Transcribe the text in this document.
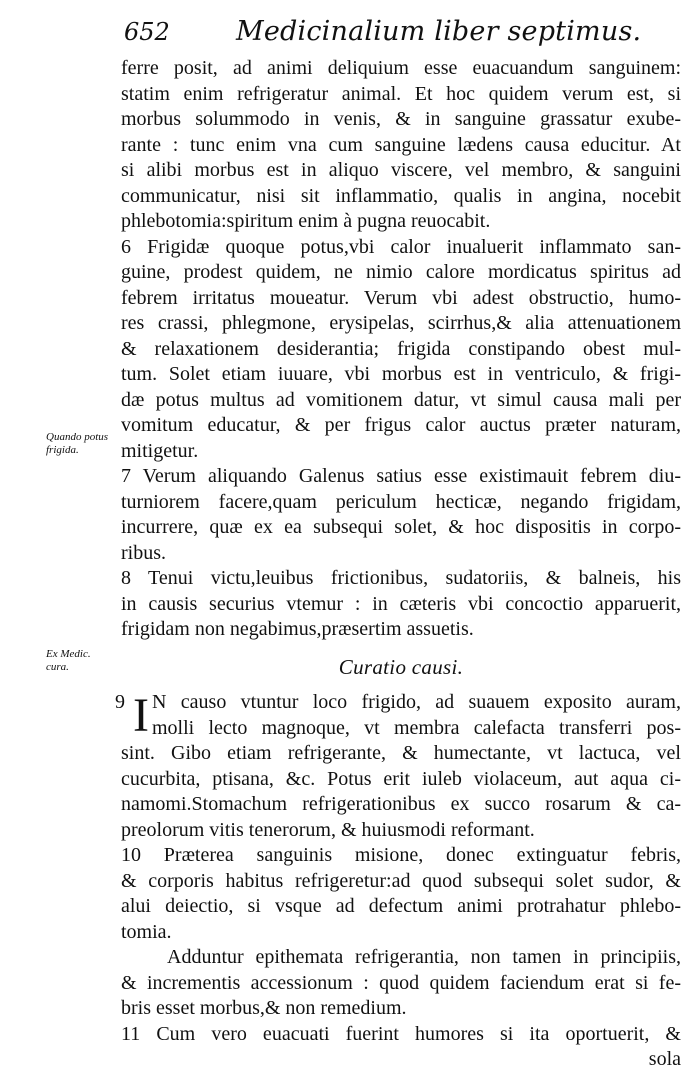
652 Medicinalium liber septimus.
Quando potus frigida.
Ex Medic. cura.
ferre posit, ad animi deliquium esse euacuandum sanguinem:
statim enim refrigeratur animal. Et hoc quidem verum est, si
morbus solummodo in venis, & in sanguine grassatur exube-
rante : tunc enim vna cum sanguine lædens causa educitur. At
si alibi morbus est in aliquo viscere, vel membro, & sanguini
communicatur, nisi sit inflammatio, qualis in angina, nocebit
phlebotomia:spiritum enim à pugna reuocabit.
6 Frigidæ quoque potus,vbi calor inualuerit inflammato san-
guine, prodest quidem, ne nimio calore mordicatus spiritus ad
febrem irritatus moueatur. Verum vbi adest obstructio, humo-
res crassi, phlegmone, erysipelas, scirrhus,& alia attenuationem
& relaxationem desiderantia; frigida constipando obest mul-
tum. Solet etiam iuuare, vbi morbus est in ventriculo, & frigi-
dæ potus multus ad vomitionem datur, vt simul causa mali per
vomitum educatur, & per frigus calor auctus præter naturam,
mitigetur.
7 Verum aliquando Galenus satius esse existimauit febrem diu-
turniorem facere,quam periculum hecticæ, negando frigidam,
incurrere, quæ ex ea subsequi solet, & hoc dispositis in corpo-
ribus.
8 Tenui victu,leuibus frictionibus, sudatoriis, & balneis, his
in causis securius vtemur : in cæteris vbi concoctio apparuerit,
frigidam non negabimus,præsertim assuetis.
Curatio causi.
9 I N causo vtuntur loco frigido, ad suauem exposito auram,
molli lecto magnoque, vt membra calefacta transferri pos-
sint. Gibo etiam refrigerante, & humectante, vt lactuca, vel
cucurbita, ptisana, &c. Potus erit iuleb violaceum, aut aqua ci-
namomi.Stomachum refrigerationibus ex succo rosarum & ca-
preolorum vitis tenerorum, & huiusmodi reformant.
10 Præterea sanguinis misione, donec extinguatur febris,
& corporis habitus refrigeretur:ad quod subsequi solet sudor, &
alui deiectio, si vsque ad defectum animi protrahatur phlebo-
tomia.
Adduntur epithemata refrigerantia, non tamen in principiis,
& incrementis accessionum : quod quidem faciendum erat si fe-
bris esset morbus,& non remedium.
11 Cum vero euacuati fuerint humores si ita oportuerit, &
sola
